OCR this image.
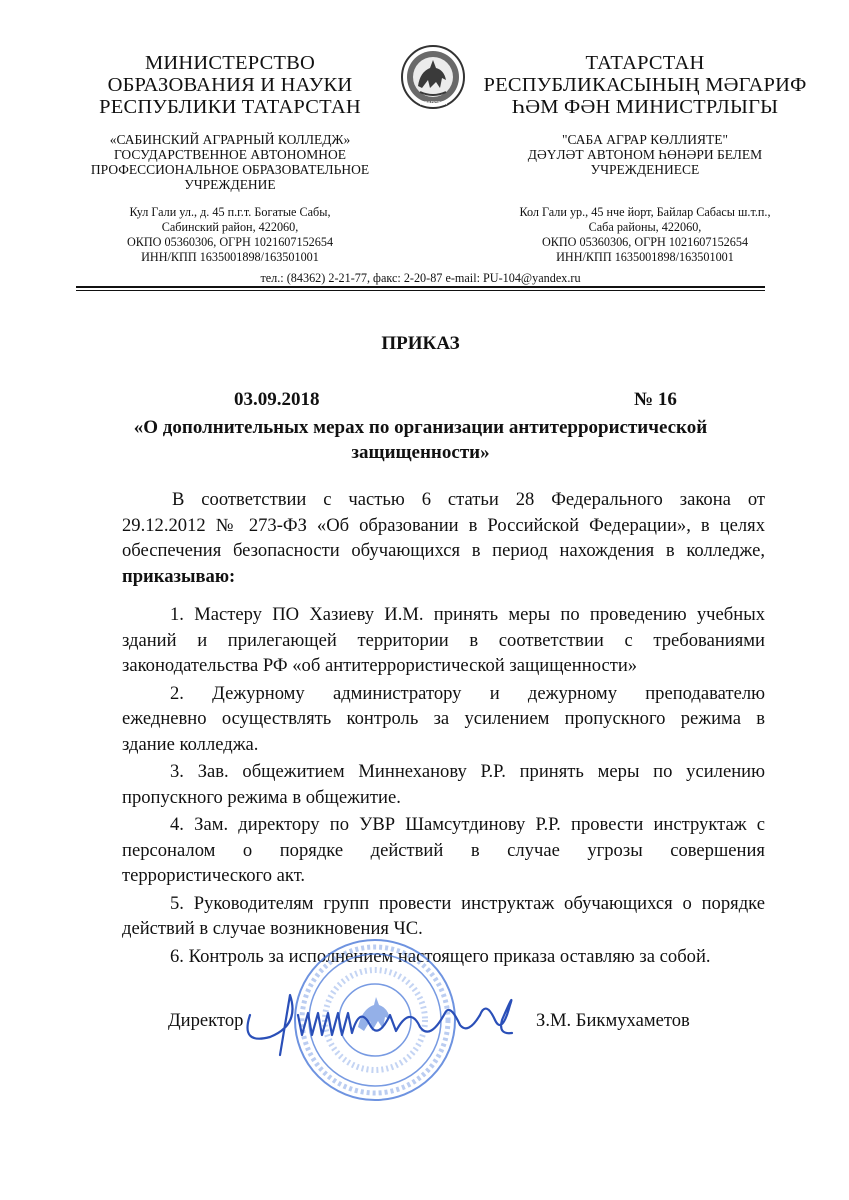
МИНИСТЕРСТВО
ОБРАЗОВАНИЯ И НАУКИ
РЕСПУБЛИКИ ТАТАРСТАН
«САБИНСКИЙ АГРАРНЫЙ КОЛЛЕДЖ»
ГОСУДАРСТВЕННОЕ АВТОНОМНОЕ
ПРОФЕССИОНАЛЬНОЕ ОБРАЗОВАТЕЛЬНОЕ
УЧРЕЖДЕНИЕ
Кул Гали ул., д. 45 п.г.т. Богатые Сабы,
Сабинский район, 422060,
ОКПО 05360306, ОГРН 1021607152654
ИНН/КПП 1635001898/163501001
ТАТАРСТАН
ТАТАРСТАН
РЕСПУБЛИКАСЫНЫҢ МӘГАРИФ
ҺӘМ ФӘН МИНИСТРЛЫГЫ
"САБА АГРАР КӨЛЛИЯТЕ"
ДӘҮЛӘТ АВТОНОМ ҺӨНӘРИ БЕЛЕМ
УЧРЕЖДЕНИЕСЕ
Кол Гали ур., 45 нче йорт, Байлар Сабасы ш.т.п.,
Саба районы, 422060,
ОКПО 05360306, ОГРН 1021607152654
ИНН/КПП 1635001898/163501001
тел.: (84362) 2-21-77, факс: 2-20-87 e-mail: PU-104@yandex.ru
ПРИКАЗ
03.09.2018	№ 16
«О дополнительных мерах по организации антитеррористической
защищенности»
В соответствии с частью 6 статьи 28 Федерального закона от
29.12.2012 № 273-ФЗ «Об образовании в Российской Федерации», в целях
обеспечения безопасности обучающихся в период нахождения в колледже,
приказываю:
1. Мастеру ПО Хазиеву И.М. принять меры по проведению учебных
зданий и прилегающей территории в соответствии с требованиями
законодательства РФ «об антитеррористической защищенности»
2. Дежурному администратору и дежурному преподавателю
ежедневно осуществлять контроль за усилением пропускного режима в
здание колледжа.
3. Зав. общежитием Миннеханову Р.Р. принять меры по усилению
пропускного режима в общежитие.
4. Зам. директору по УВР Шамсутдинову Р.Р. провести инструктаж с
персоналом о порядке действий в случае угрозы совершения
террористического акт.
5. Руководителям групп провести инструктаж обучающихся о порядке
действий в случае возникновения ЧС.
6. Контроль за исполнением настоящего приказа оставляю за собой.
Директор	З.М. Бикмухаметов
